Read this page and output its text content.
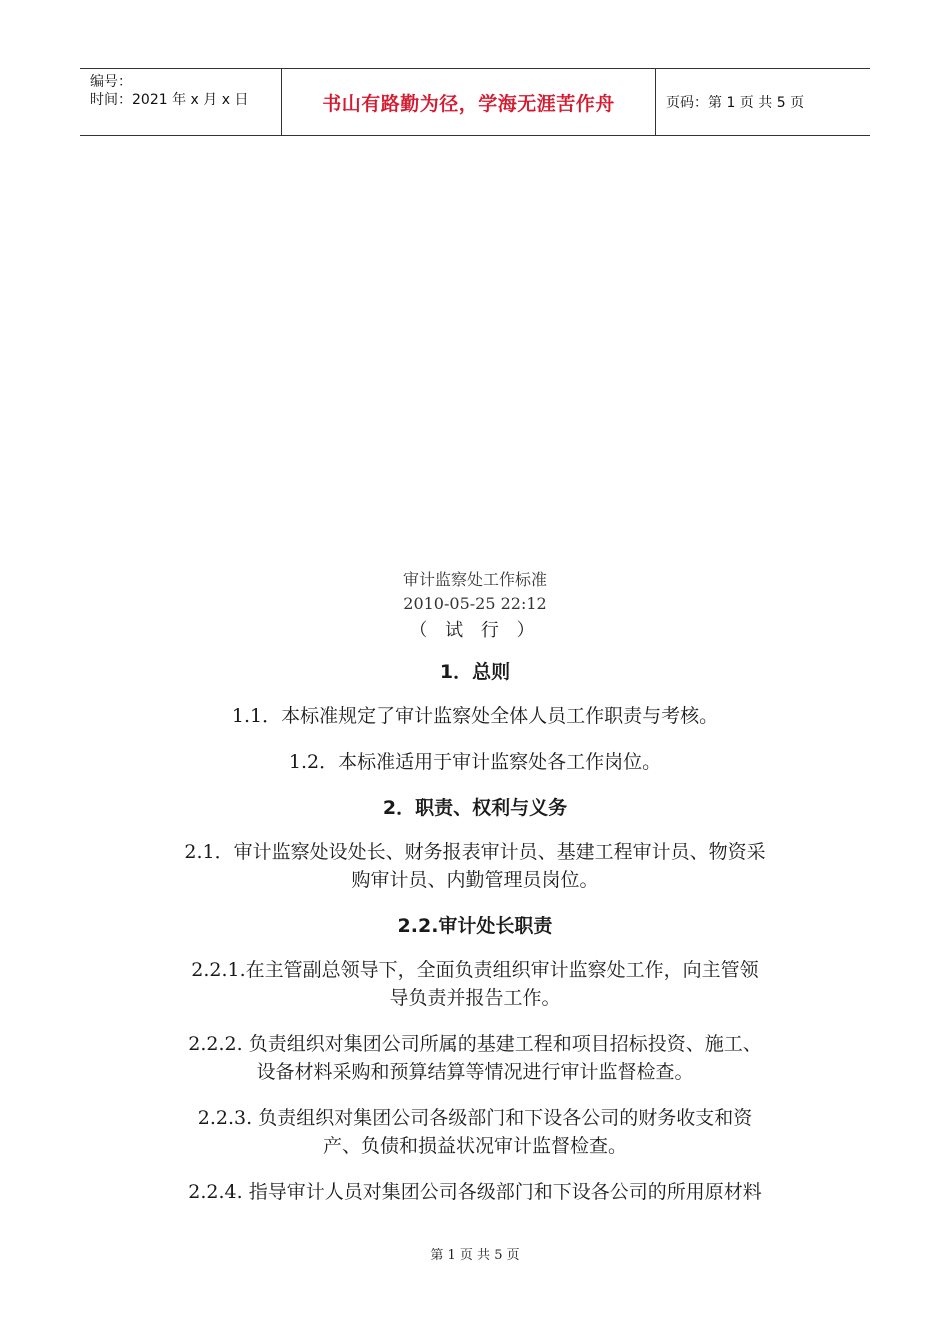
编号：
时间：2021 年 x 月 x 日	书山有路勤为径，学海无涯苦作舟	页码：第 1 页 共 5 页

审计监察处工作标准

2010-05-25 22:12

（ 试 行 ）

1．总则

1.1．本标准规定了审计监察处全体人员工作职责与考核。

1.2．本标准适用于审计监察处各工作岗位。

2．职责、权利与义务

2.1．审计监察处设处长、财务报表审计员、基建工程审计员、物资采

购审计员、内勤管理员岗位。

2.2.审计处长职责

2.2.1.在主管副总领导下，全面负责组织审计监察处工作，向主管领

导负责并报告工作。

2.2.2. 负责组织对集团公司所属的基建工程和项目招标投资、施工、

设备材料采购和预算结算等情况进行审计监督检查。

2.2.3. 负责组织对集团公司各级部门和下设各公司的财务收支和资

产、负债和损益状况审计监督检查。

2.2.4. 指导审计人员对集团公司各级部门和下设各公司的所用原材料

第 1 页 共 5 页
